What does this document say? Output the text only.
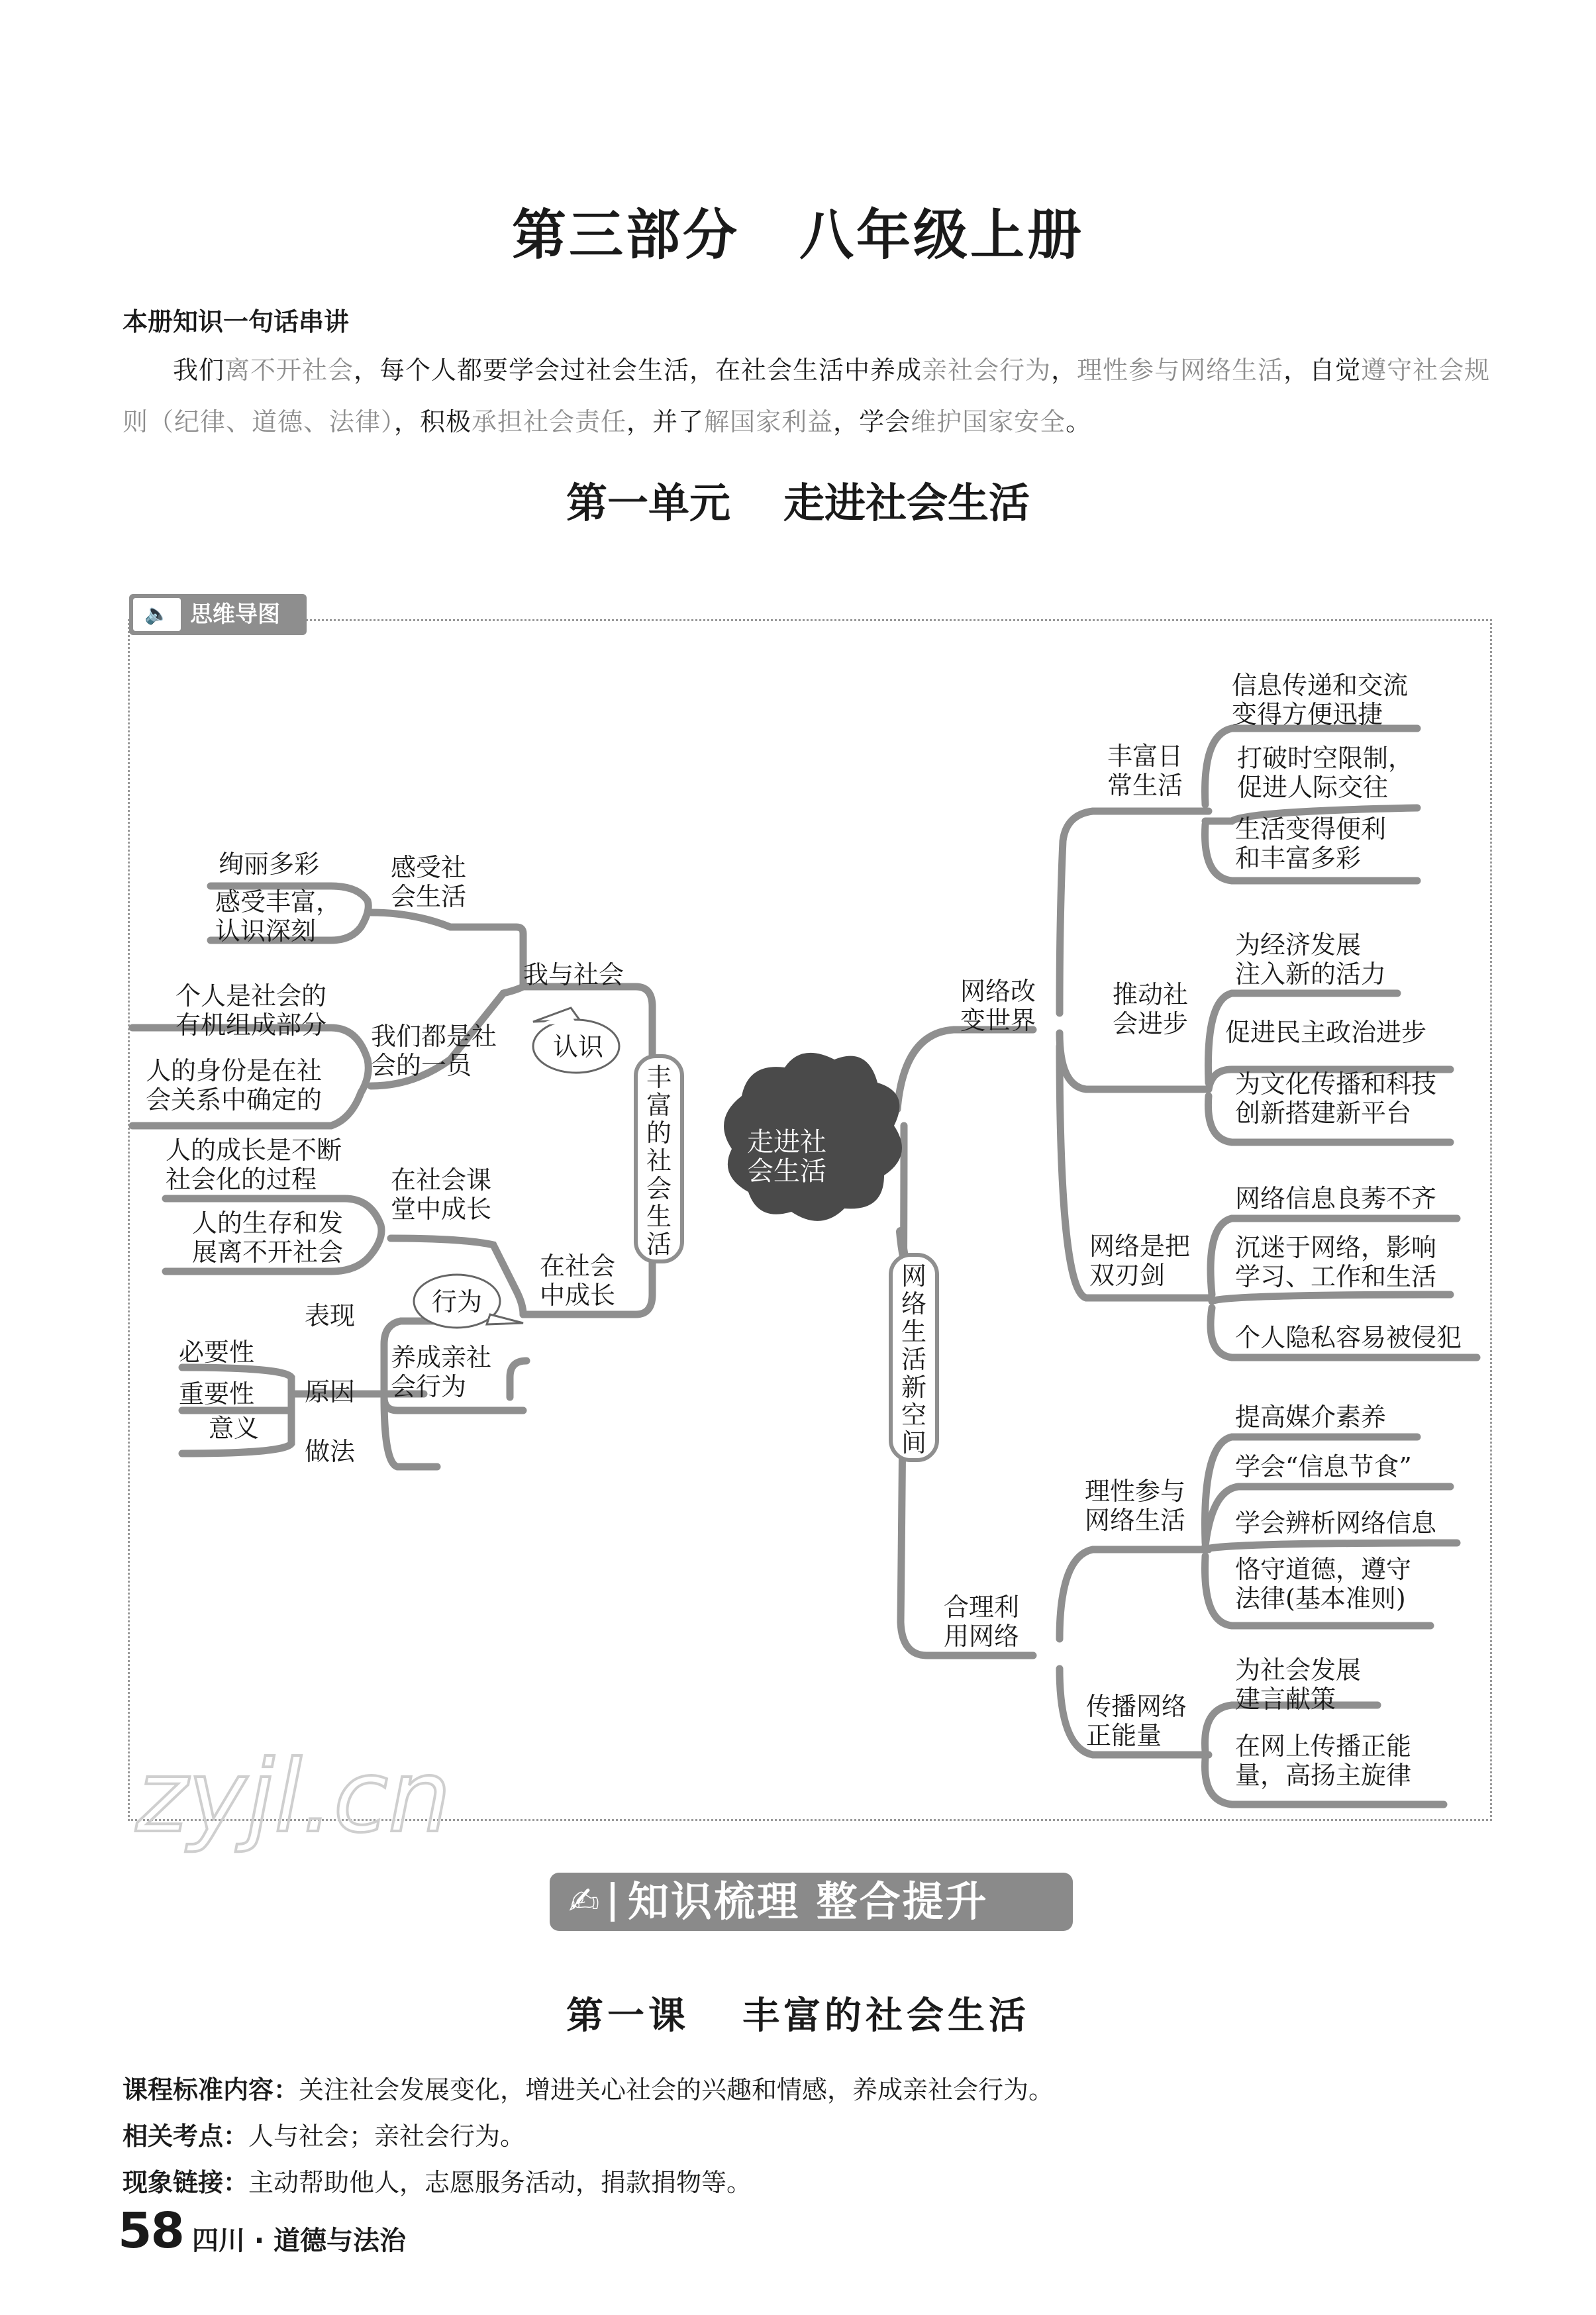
第三部分 八年级上册
本册知识一句话串讲
我们离不开社会，每个人都要学会过社会生活，在社会生活中养成亲社会行为，理性参与网络生活，自觉遵守社会规则（纪律、道德、法律），积极承担社会责任，并了解国家利益，学会维护国家安全。
第一单元 走进社会生活
🔈 思维导图
zyjl.cn
走进社会生活
认识
行为
我与社会
感受社会生活
绚丽多彩
感受丰富，认识深刻
我们都是社会的一员
个人是社会的有机组成部分
人的身份是在社会关系中确定的
在社会中成长
在社会课堂中成长
人的成长是不断社会化的过程
人的生存和发展离不开社会
养成亲社会行为
表现
原因
做法
必要性
重要性
意义
网络改变世界
丰富日常生活
信息传递和交流变得方便迅捷
打破时空限制，促进人际交往
生活变得便利和丰富多彩
推动社会进步
为经济发展注入新的活力
促进民主政治进步
为文化传播和科技创新搭建新平台
网络是把双刃剑
网络信息良莠不齐
沉迷于网络，影响学习、工作和生活
个人隐私容易被侵犯
合理利用网络
理性参与网络生活
提高媒介素养
学会“信息节食”
学会辨析网络信息
恪守道德，遵守法律(基本准则)
传播网络正能量
为社会发展建言献策
在网上传播正能量，高扬主旋律
丰富的社会生活
网络生活新空间
✍ 知识梳理 整合提升
第一课 丰富的社会生活
课程标准内容：关注社会发展变化，增进关心社会的兴趣和情感，养成亲社会行为。
相关考点：人与社会；亲社会行为。
现象链接：主动帮助他人，志愿服务活动，捐款捐物等。
58 四川 · 道德与法治
